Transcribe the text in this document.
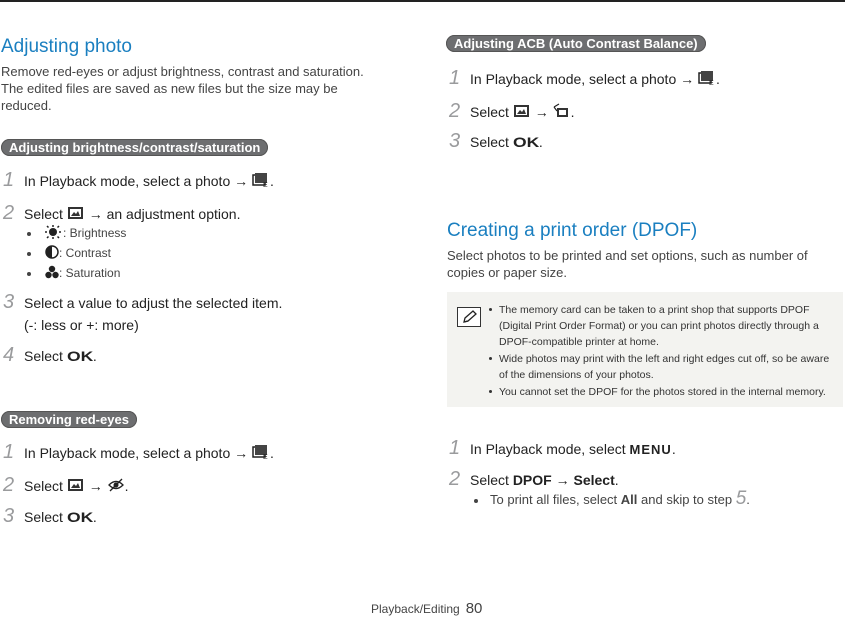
Adjusting photo
Remove red-eyes or adjust brightness, contrast and saturation. The edited files are saved as new files but the size may be reduced.
Adjusting brightness/contrast/saturation
1 In Playback mode, select a photo → E .
2 Select  → an adjustment option.
: Brightness
: Contrast
: Saturation
3 Select a value to adjust the selected item.
(-: less or +: more)
4 Select OK.
Removing red-eyes
1 In Playback mode, select a photo → E .
2 Select  → .
3 Select OK.
Adjusting ACB (Auto Contrast Balance)
1 In Playback mode, select a photo → E .
2 Select  → .
3 Select OK.
Creating a print order (DPOF)
Select photos to be printed and set options, such as number of copies or paper size.
The memory card can be taken to a print shop that supports DPOF (Digital Print Order Format) or you can print photos directly through a DPOF-compatible printer at home.
Wide photos may print with the left and right edges cut off, so be aware of the dimensions of your photos.
You cannot set the DPOF for the photos stored in the internal memory.
1 In Playback mode, select MENU.
2 Select DPOF → Select.
To print all files, select All and skip to step 5.
Playback/Editing 80
